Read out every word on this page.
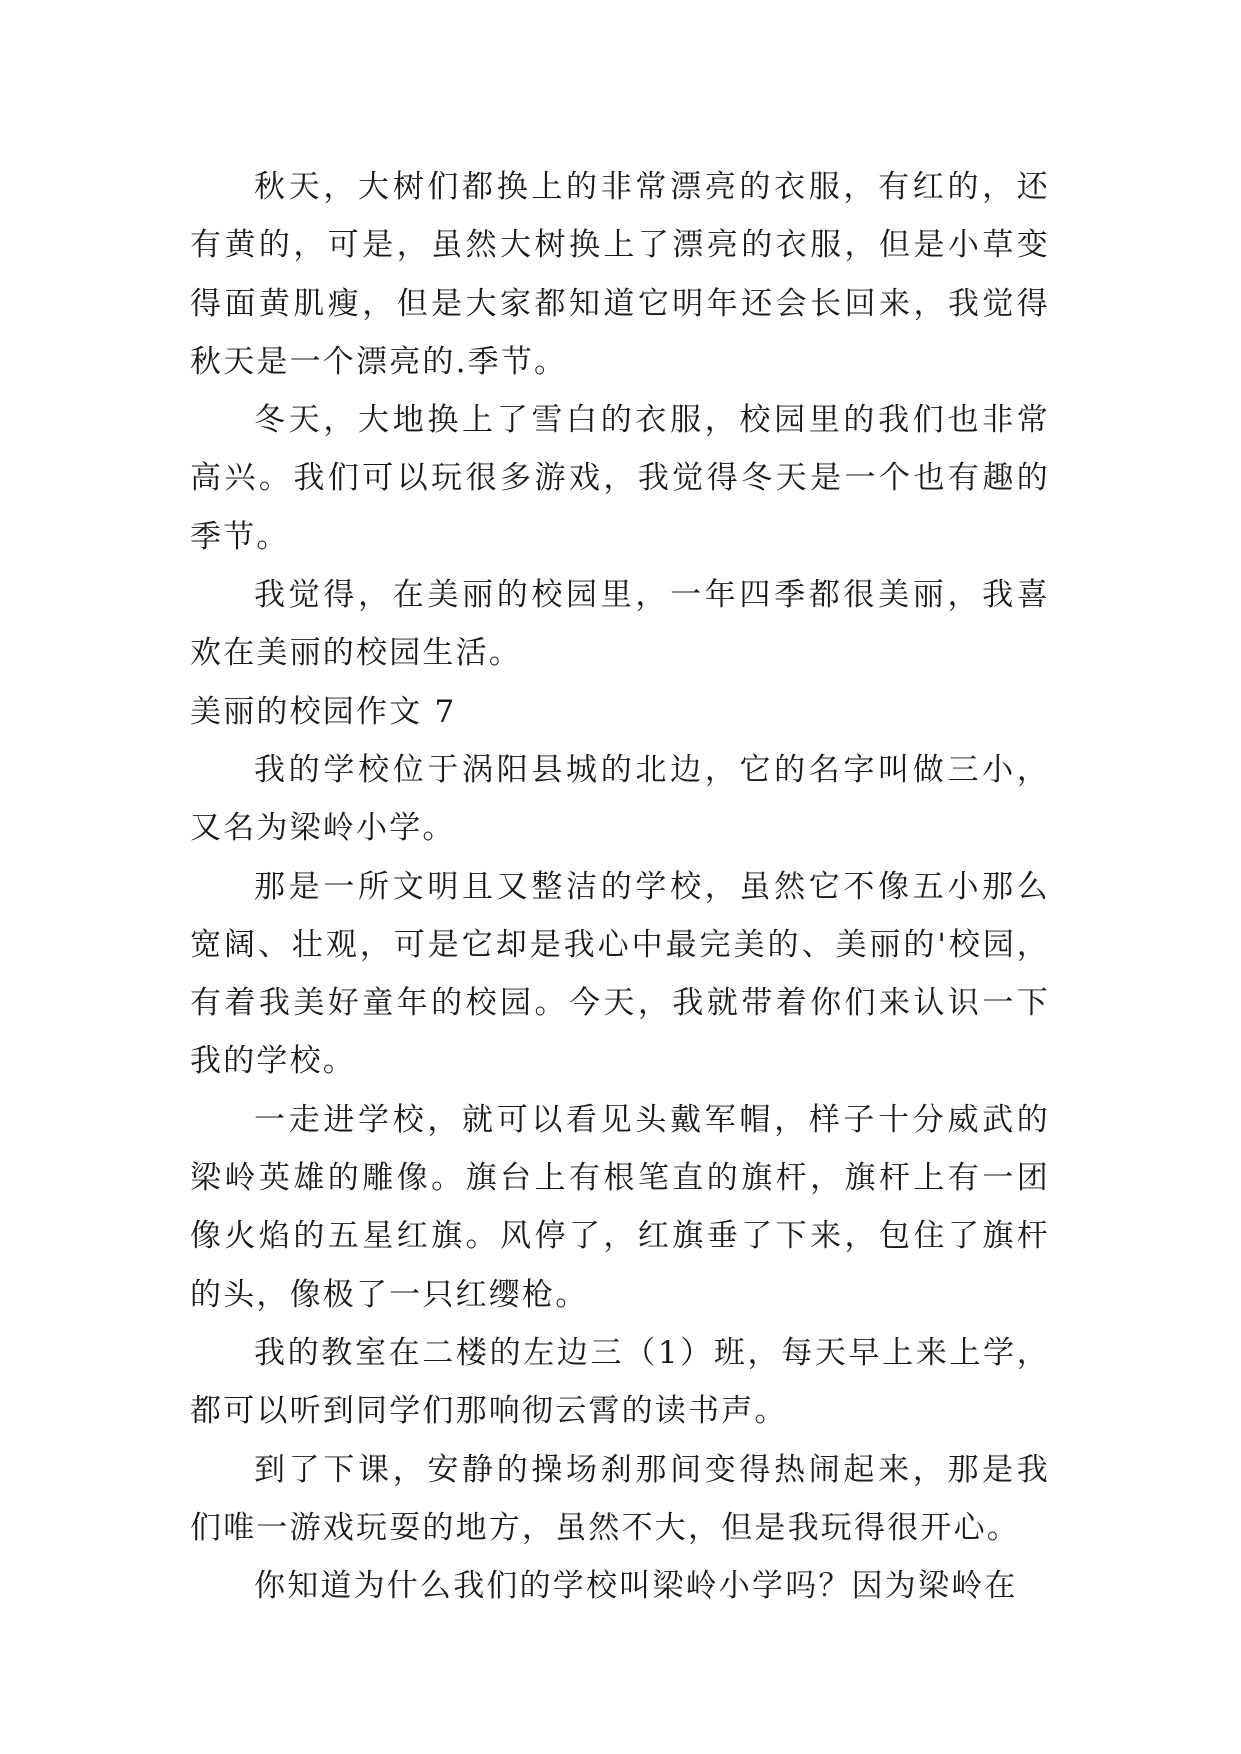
秋天，大树们都换上的非常漂亮的衣服，有红的，还有黄的，可是，虽然大树换上了漂亮的衣服，但是小草变得面黄肌瘦，但是大家都知道它明年还会长回来，我觉得秋天是一个漂亮的.季节。

冬天，大地换上了雪白的衣服，校园里的我们也非常高兴。我们可以玩很多游戏，我觉得冬天是一个也有趣的季节。

我觉得，在美丽的校园里，一年四季都很美丽，我喜欢在美丽的校园生活。

美丽的校园作文 7

我的学校位于涡阳县城的北边，它的名字叫做三小，又名为梁岭小学。

那是一所文明且又整洁的学校，虽然它不像五小那么宽阔、壮观，可是它却是我心中最完美的、美丽的'校园，有着我美好童年的校园。今天，我就带着你们来认识一下我的学校。

一走进学校，就可以看见头戴军帽，样子十分威武的梁岭英雄的雕像。旗台上有根笔直的旗杆，旗杆上有一团像火焰的五星红旗。风停了，红旗垂了下来，包住了旗杆的头，像极了一只红缨枪。

我的教室在二楼的左边三（1）班，每天早上来上学，都可以听到同学们那响彻云霄的读书声。

到了下课，安静的操场刹那间变得热闹起来，那是我们唯一游戏玩耍的地方，虽然不大，但是我玩得很开心。

你知道为什么我们的学校叫梁岭小学吗？因为梁岭在
